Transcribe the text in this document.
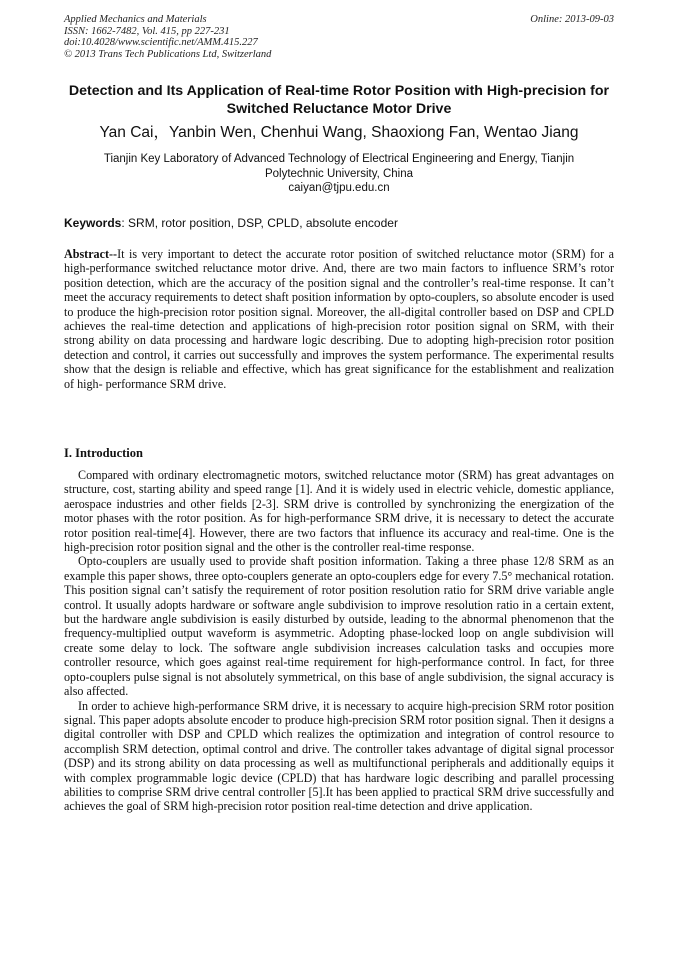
Applied Mechanics and Materials
ISSN: 1662-7482, Vol. 415, pp 227-231
doi:10.4028/www.scientific.net/AMM.415.227
© 2013 Trans Tech Publications Ltd, Switzerland
Online: 2013-09-03
Detection and Its Application of Real-time Rotor Position with High-precision for Switched Reluctance Motor Drive
Yan Cai，Yanbin Wen, Chenhui Wang, Shaoxiong Fan, Wentao Jiang
Tianjin Key Laboratory of Advanced Technology of Electrical Engineering and Energy, Tianjin
Polytechnic University, China
caiyan@tjpu.edu.cn
Keywords: SRM, rotor position, DSP, CPLD, absolute encoder
Abstract--It is very important to detect the accurate rotor position of switched reluctance motor (SRM) for a high-performance switched reluctance motor drive. And, there are two main factors to influence SRM’s rotor position detection, which are the accuracy of the position signal and the controller’s real-time response. It can’t meet the accuracy requirements to detect shaft position information by opto-couplers, so absolute encoder is used to produce the high-precision rotor position signal. Moreover, the all-digital controller based on DSP and CPLD achieves the real-time detection and applications of high-precision rotor position signal on SRM, with their strong ability on data processing and hardware logic describing. Due to adopting high-precision rotor position detection and control, it carries out successfully and improves the system performance. The experimental results show that the design is reliable and effective, which has great significance for the establishment and realization of high- performance SRM drive.
I. Introduction

Compared with ordinary electromagnetic motors, switched reluctance motor (SRM) has great advantages on structure, cost, starting ability and speed range [1]. And it is widely used in electric vehicle, domestic appliance, aerospace industries and other fields [2-3]. SRM drive is controlled by synchronizing the energization of the motor phases with the rotor position. As for high-performance SRM drive, it is necessary to detect the accurate rotor position real-time[4]. However, there are two factors that influence its accuracy and real-time. One is the high-precision rotor position signal and the other is the controller real-time response.

Opto-couplers are usually used to provide shaft position information. Taking a three phase 12/8 SRM as an example this paper shows, three opto-couplers generate an opto-couplers edge for every 7.5° mechanical rotation. This position signal can’t satisfy the requirement of rotor position resolution ratio for SRM drive variable angle control. It usually adopts hardware or software angle subdivision to improve resolution ratio in a certain extent, but the hardware angle subdivision is easily disturbed by outside, leading to the abnormal phenomenon that the frequency-multiplied output waveform is asymmetric. Adopting phase-locked loop on angle subdivision will create some delay to lock. The software angle subdivision increases calculation tasks and occupies more controller resource, which goes against real-time requirement for high-performance control. In fact, for three opto-couplers pulse signal is not absolutely symmetrical, on this base of angle subdivision, the signal accuracy is also affected.

In order to achieve high-performance SRM drive, it is necessary to acquire high-precision SRM rotor position signal. This paper adopts absolute encoder to produce high-precision SRM rotor position signal. Then it designs a digital controller with DSP and CPLD which realizes the optimization and integration of control resource to accomplish SRM detection, optimal control and drive. The controller takes advantage of digital signal processor (DSP) and its strong ability on data processing as well as multifunctional peripherals and additionally equips it with complex programmable logic device (CPLD) that has hardware logic describing and parallel processing abilities to comprise SRM drive central controller [5].It has been applied to practical SRM drive successfully and achieves the goal of SRM high-precision rotor position real-time detection and drive application.
